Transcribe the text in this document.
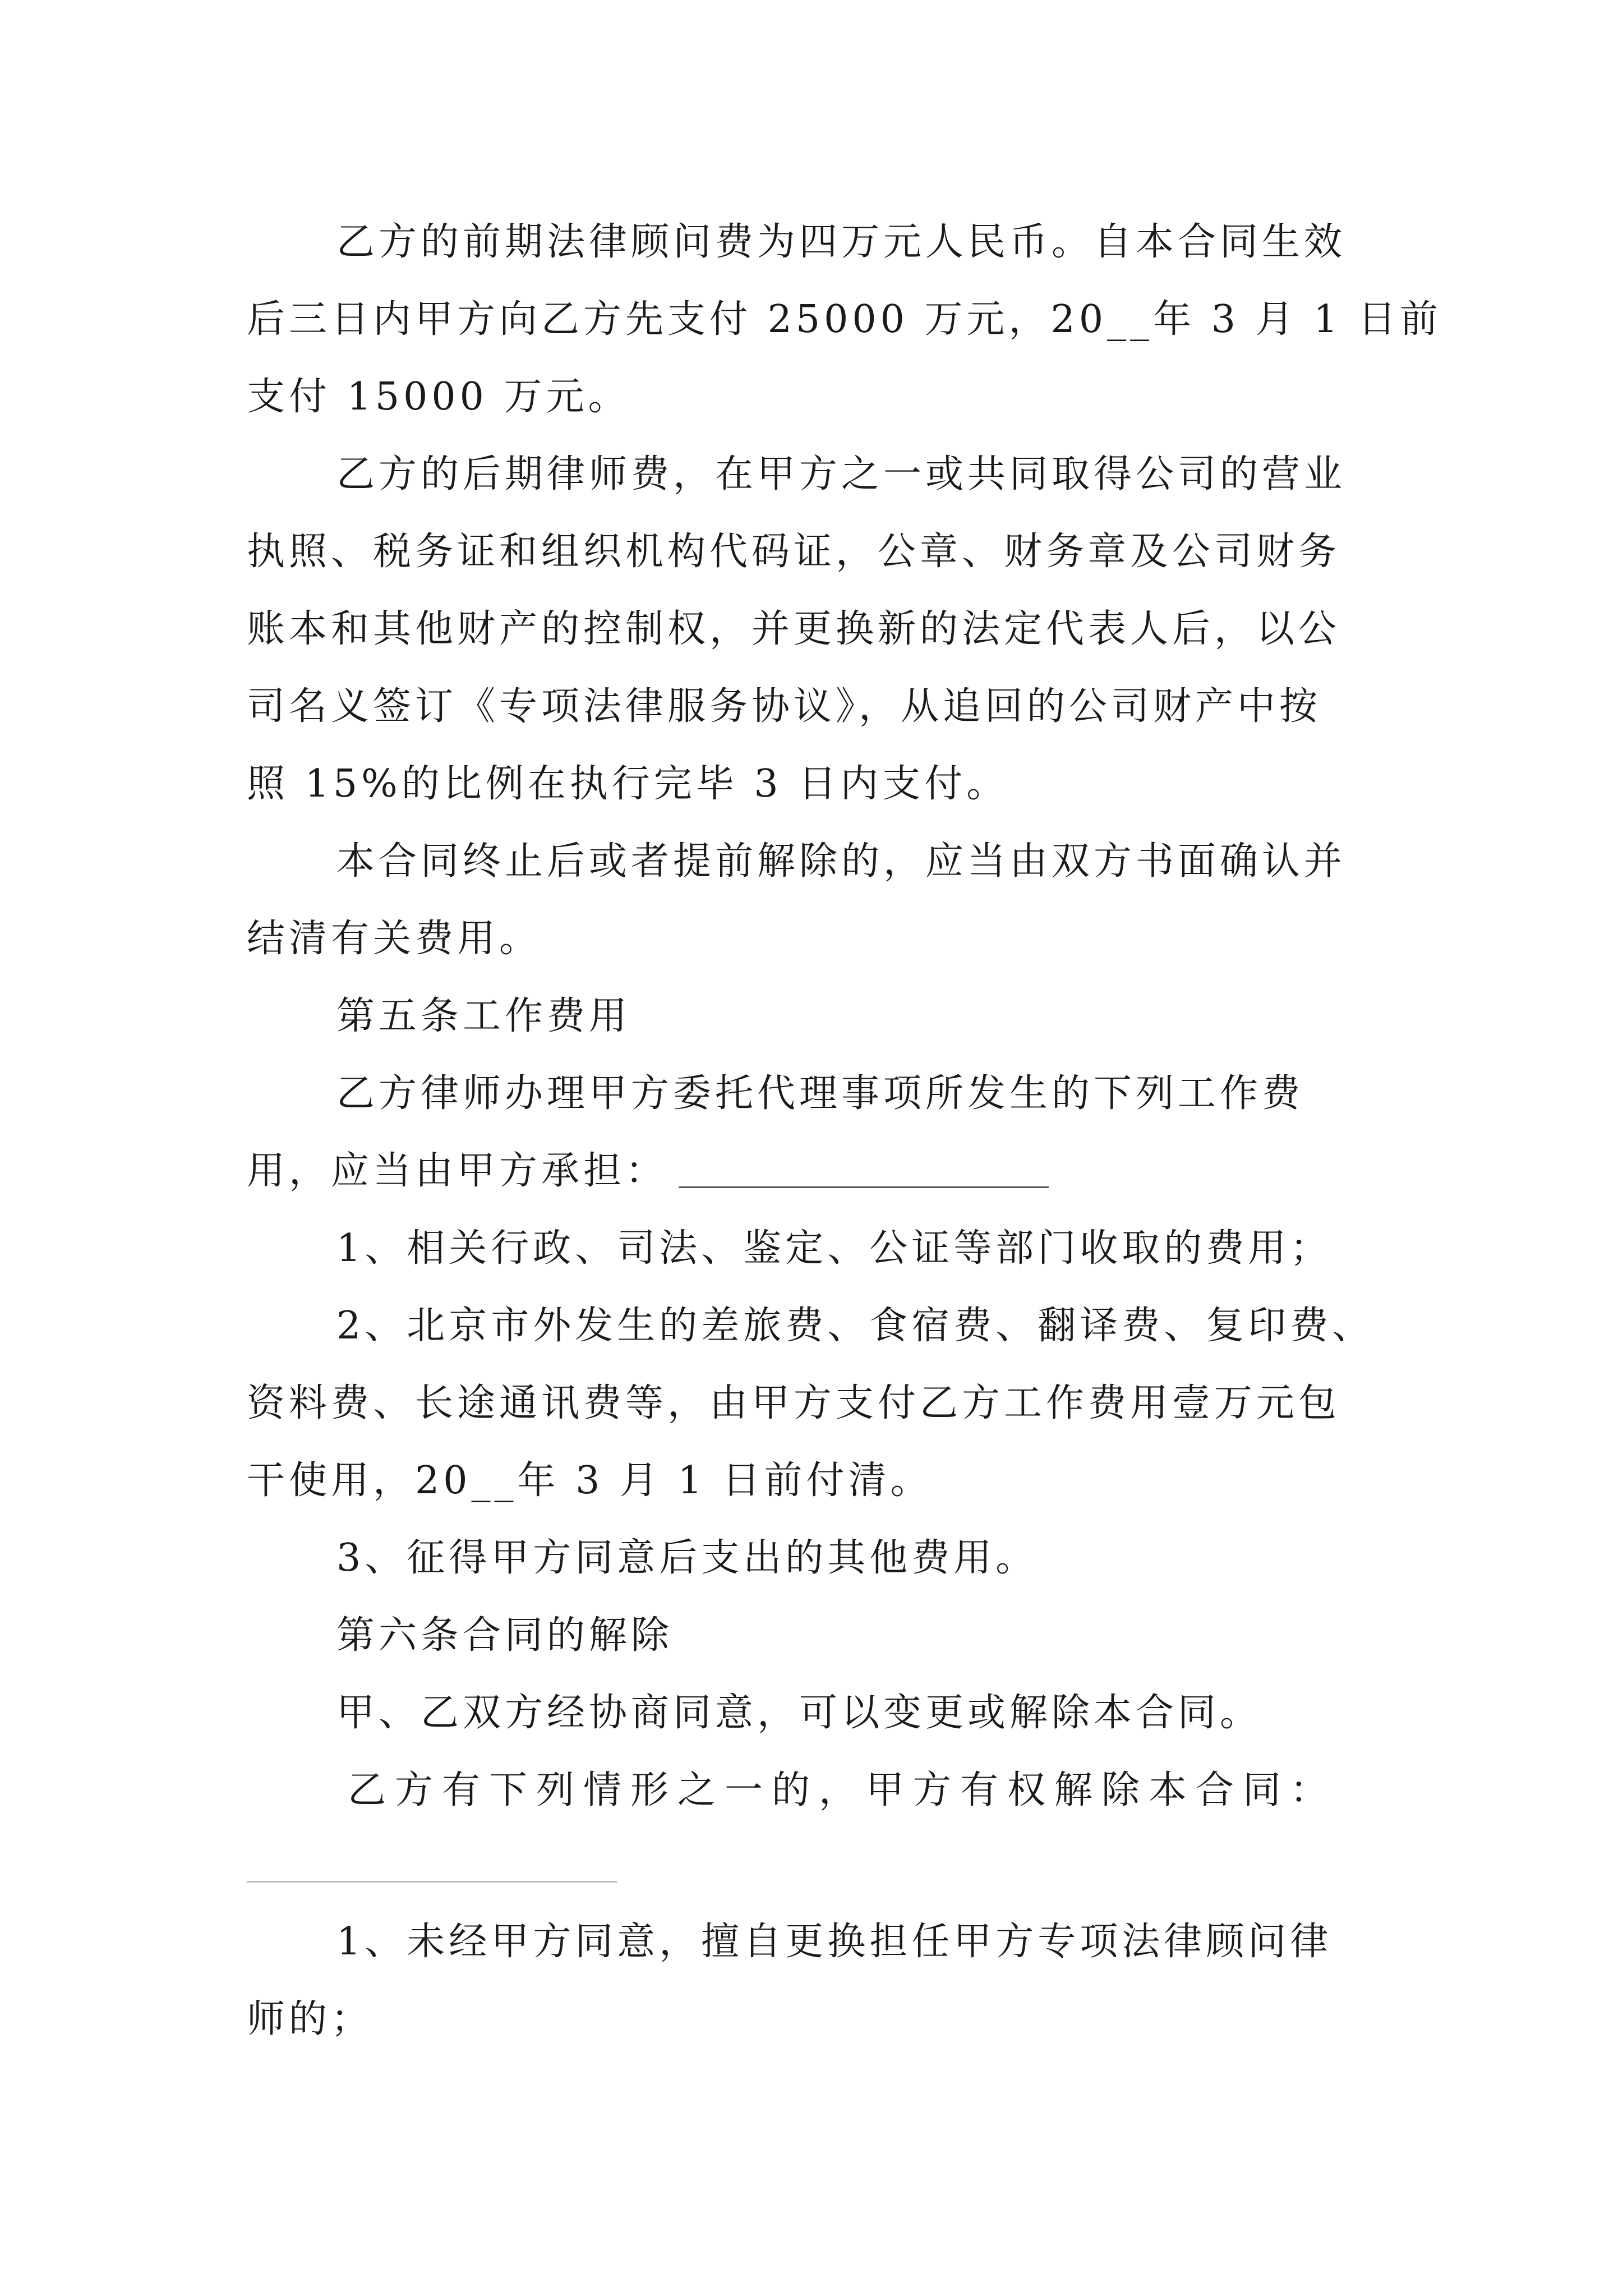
乙方的前期法律顾问费为四万元人民币。自本合同生效
后三日内甲方向乙方先支付 25000 万元，20__年 3 月 1 日前
支付 15000 万元。
乙方的后期律师费，在甲方之一或共同取得公司的营业
执照、税务证和组织机构代码证，公章、财务章及公司财务
账本和其他财产的控制权，并更换新的法定代表人后，以公
司名义签订《专项法律服务协议》，从追回的公司财产中按
照 15%的比例在执行完毕 3 日内支付。
本合同终止后或者提前解除的，应当由双方书面确认并
结清有关费用。
第五条工作费用
乙方律师办理甲方委托代理事项所发生的下列工作费
用，应当由甲方承担：
1、相关行政、司法、鉴定、公证等部门收取的费用；
2、北京市外发生的差旅费、食宿费、翻译费、复印费、
资料费、长途通讯费等，由甲方支付乙方工作费用壹万元包
干使用，20__年 3 月 1 日前付清。
3、征得甲方同意后支出的其他费用。
第六条合同的解除
甲、乙双方经协商同意，可以变更或解除本合同。
乙方有下列情形之一的，甲方有权解除本合同：
1、未经甲方同意，擅自更换担任甲方专项法律顾问律
师的；
